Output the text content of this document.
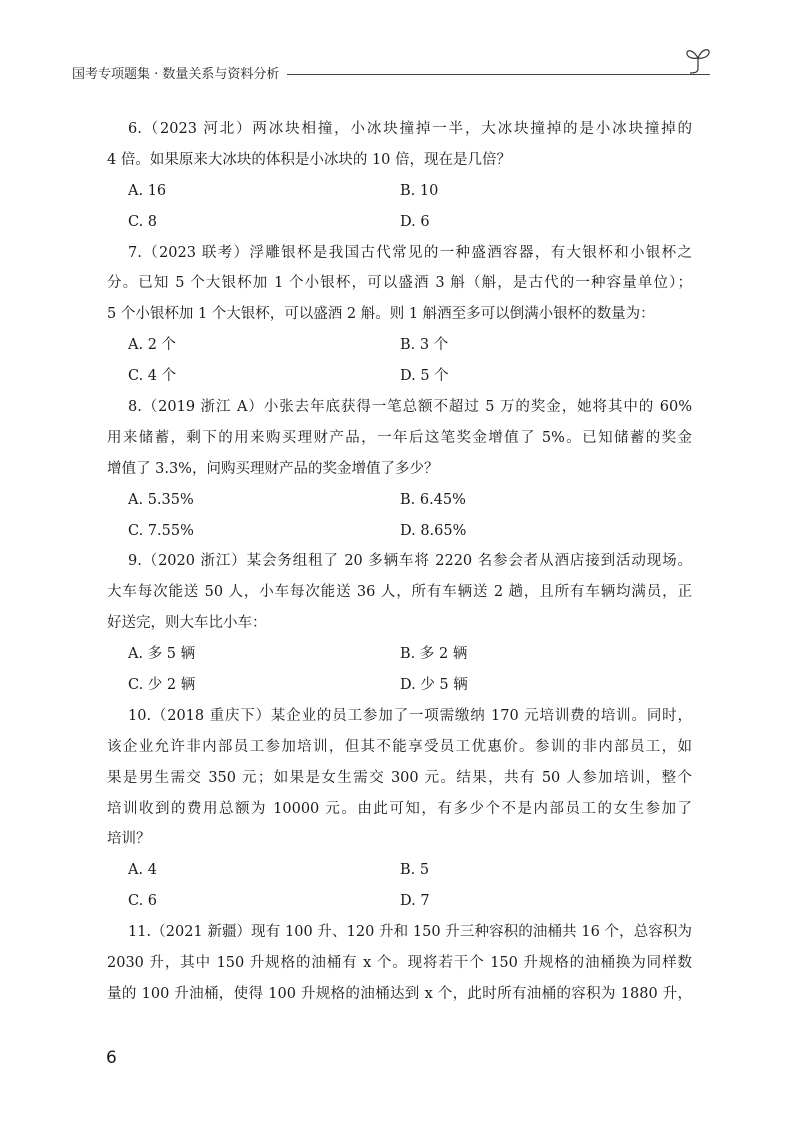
国考专项题集 · 数量关系与资料分析
6.（2023 河北）两冰块相撞，小冰块撞掉一半，大冰块撞掉的是小冰块撞掉的
4 倍。如果原来大冰块的体积是小冰块的 10 倍，现在是几倍？
A. 16	B. 10
C. 8	D. 6
7.（2023 联考）浮雕银杯是我国古代常见的一种盛酒容器，有大银杯和小银杯之
分。已知 5 个大银杯加 1 个小银杯，可以盛酒 3 斛（斛，是古代的一种容量单位）；
5 个小银杯加 1 个大银杯，可以盛酒 2 斛。则 1 斛酒至多可以倒满小银杯的数量为：
A. 2 个	B. 3 个
C. 4 个	D. 5 个
8.（2019 浙江 A）小张去年底获得一笔总额不超过 5 万的奖金，她将其中的 60%
用来储蓄，剩下的用来购买理财产品，一年后这笔奖金增值了 5%。已知储蓄的奖金
增值了 3.3%，问购买理财产品的奖金增值了多少？
A. 5.35%	B. 6.45%
C. 7.55%	D. 8.65%
9.（2020 浙江）某会务组租了 20 多辆车将 2220 名参会者从酒店接到活动现场。
大车每次能送 50 人，小车每次能送 36 人，所有车辆送 2 趟，且所有车辆均满员，正
好送完，则大车比小车：
A. 多 5 辆	B. 多 2 辆
C. 少 2 辆	D. 少 5 辆
10.（2018 重庆下）某企业的员工参加了一项需缴纳 170 元培训费的培训。同时，
该企业允许非内部员工参加培训，但其不能享受员工优惠价。参训的非内部员工，如
果是男生需交 350 元；如果是女生需交 300 元。结果，共有 50 人参加培训，整个
培训收到的费用总额为 10000 元。由此可知，有多少个不是内部员工的女生参加了
培训？
A. 4	B. 5
C. 6	D. 7
11.（2021 新疆）现有 100 升、120 升和 150 升三种容积的油桶共 16 个，总容积为
2030 升，其中 150 升规格的油桶有 x 个。现将若干个 150 升规格的油桶换为同样数
量的 100 升油桶，使得 100 升规格的油桶达到 x 个，此时所有油桶的容积为 1880 升，
6
